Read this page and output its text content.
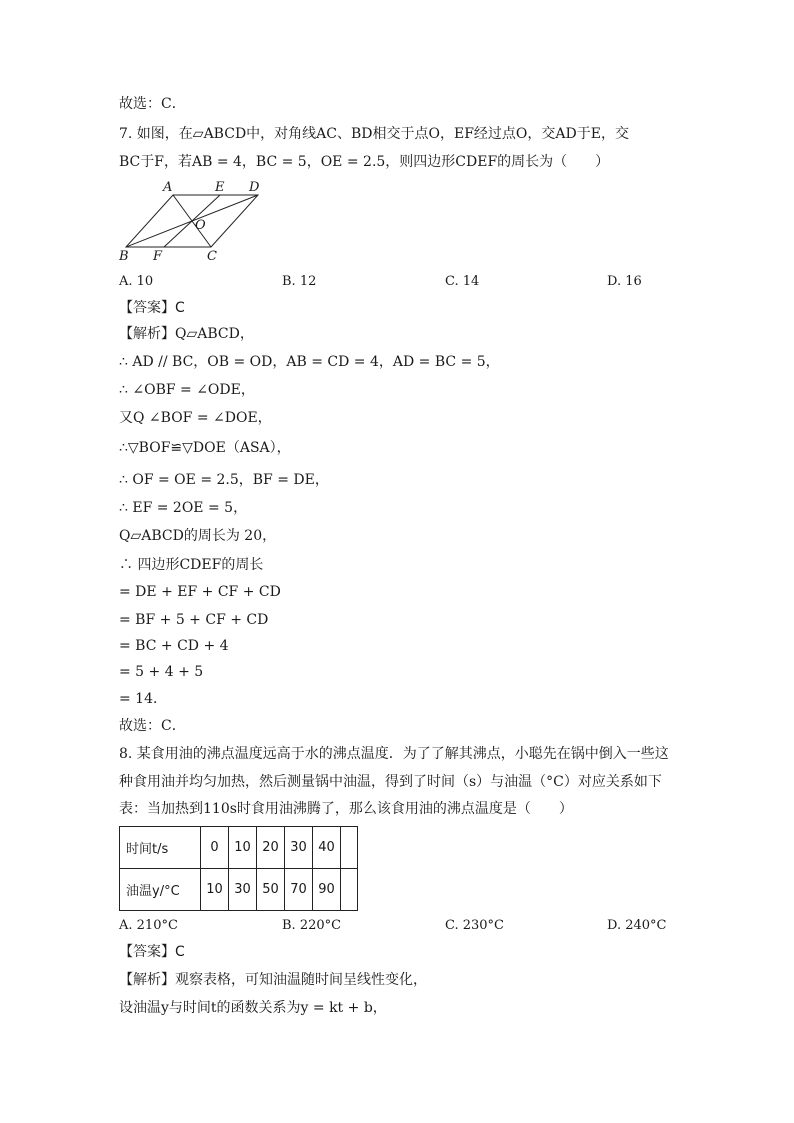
故选：C．
7. 如图，在▱ABCD中，对角线AC、BD相交于点O，EF经过点O，交AD于E，交
BC于F，若AB = 4，BC = 5，OE = 2.5，则四边形CDEF的周长为（　　）
A	E D
O
B F	C
A. 10	B. 12	C. 14	D. 16
【答案】C
【解析】Q▱ABCD，
∴ AD // BC，OB = OD，AB = CD = 4，AD = BC = 5，
∴ ∠OBF = ∠ODE，
又Q ∠BOF = ∠DOE，
∴▽BOF≌▽DOE（ASA），
∴ OF = OE = 2.5，BF = DE，
∴ EF = 2OE = 5，
Q▱ABCD的周长为 20，
∴ 四边形CDEF的周长
= DE + EF + CF + CD
= BF + 5 + CF + CD
= BC + CD + 4
= 5 + 4 + 5
= 14．
故选：C．
8. 某食用油的沸点温度远高于水的沸点温度．为了了解其沸点，小聪先在锅中倒入一些这
种食用油并均匀加热，然后测量锅中油温，得到了时间（s）与油温（°C）对应关系如下
表：当加热到110s时食用油沸腾了，那么该食用油的沸点温度是（　　）
时间t/s	0	10	20	30	40	
油温y/°C	10	30	50	70	90	
A. 210°C	B. 220°C	C. 230°C	D. 240°C
【答案】C
【解析】观察表格，可知油温随时间呈线性变化，
设油温y与时间t的函数关系为y = kt + b，
